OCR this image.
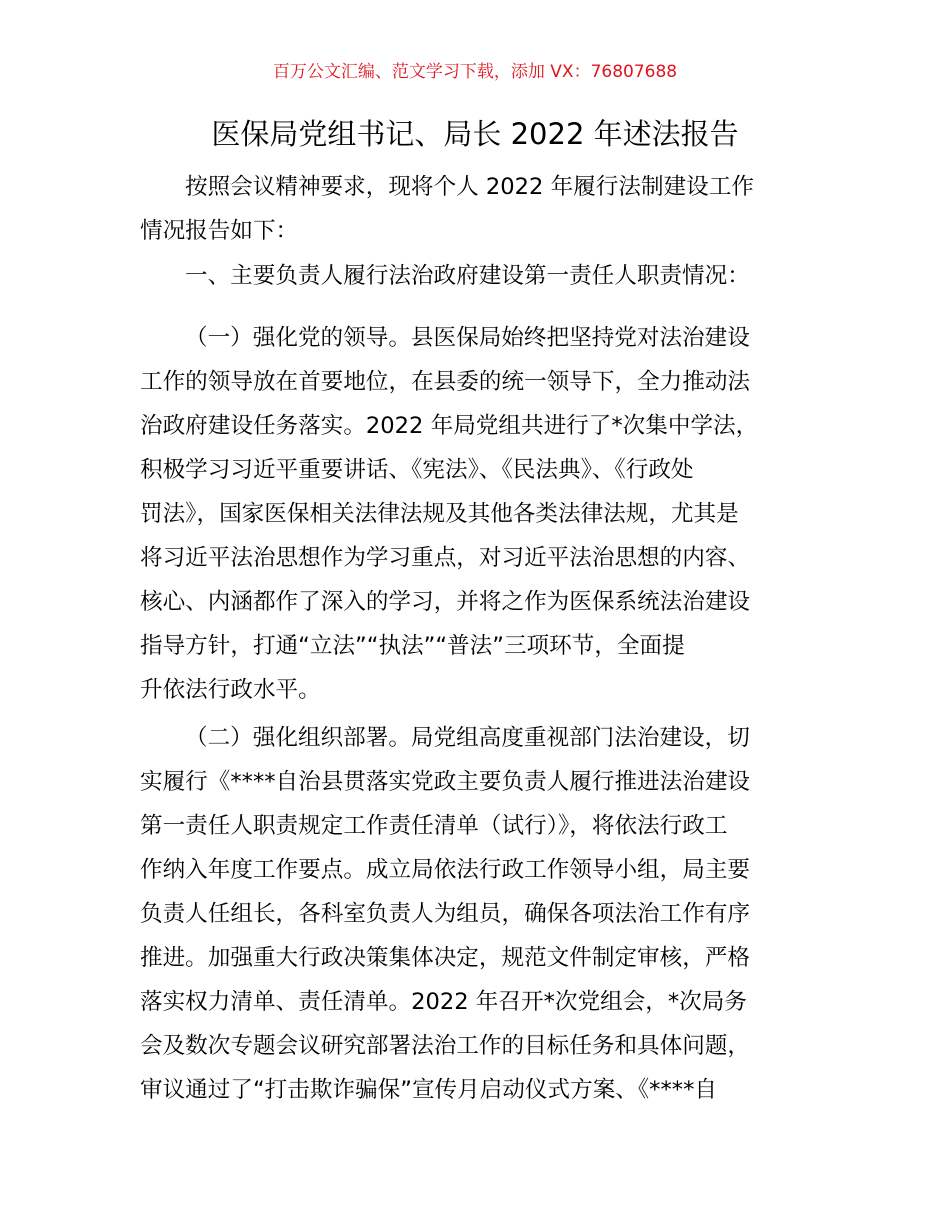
百万公文汇编、范文学习下载，添加 VX：76807688
医保局党组书记、局长 2022 年述法报告
按照会议精神要求，现将个人 2022 年履行法制建设工作
情况报告如下：
一、主要负责人履行法治政府建设第一责任人职责情况：
（一）强化党的领导。县医保局始终把坚持党对法治建设
工作的领导放在首要地位，在县委的统一领导下，全力推动法
治政府建设任务落实。2022 年局党组共进行了*次集中学法，
积极学习习近平重要讲话、《宪法》、《民法典》、《行政处
罚法》，国家医保相关法律法规及其他各类法律法规，尤其是
将习近平法治思想作为学习重点，对习近平法治思想的内容、
核心、内涵都作了深入的学习，并将之作为医保系统法治建设
指导方针，打通“立法”“执法”“普法”三项环节，全面提
升依法行政水平。
（二）强化组织部署。局党组高度重视部门法治建设，切
实履行《****自治县贯落实党政主要负责人履行推进法治建设
第一责任人职责规定工作责任清单（试行）》，将依法行政工
作纳入年度工作要点。成立局依法行政工作领导小组，局主要
负责人任组长，各科室负责人为组员，确保各项法治工作有序
推进。加强重大行政决策集体决定，规范文件制定审核，严格
落实权力清单、责任清单。2022 年召开*次党组会，*次局务
会及数次专题会议研究部署法治工作的目标任务和具体问题，
审议通过了“打击欺诈骗保”宣传月启动仪式方案、《****自
